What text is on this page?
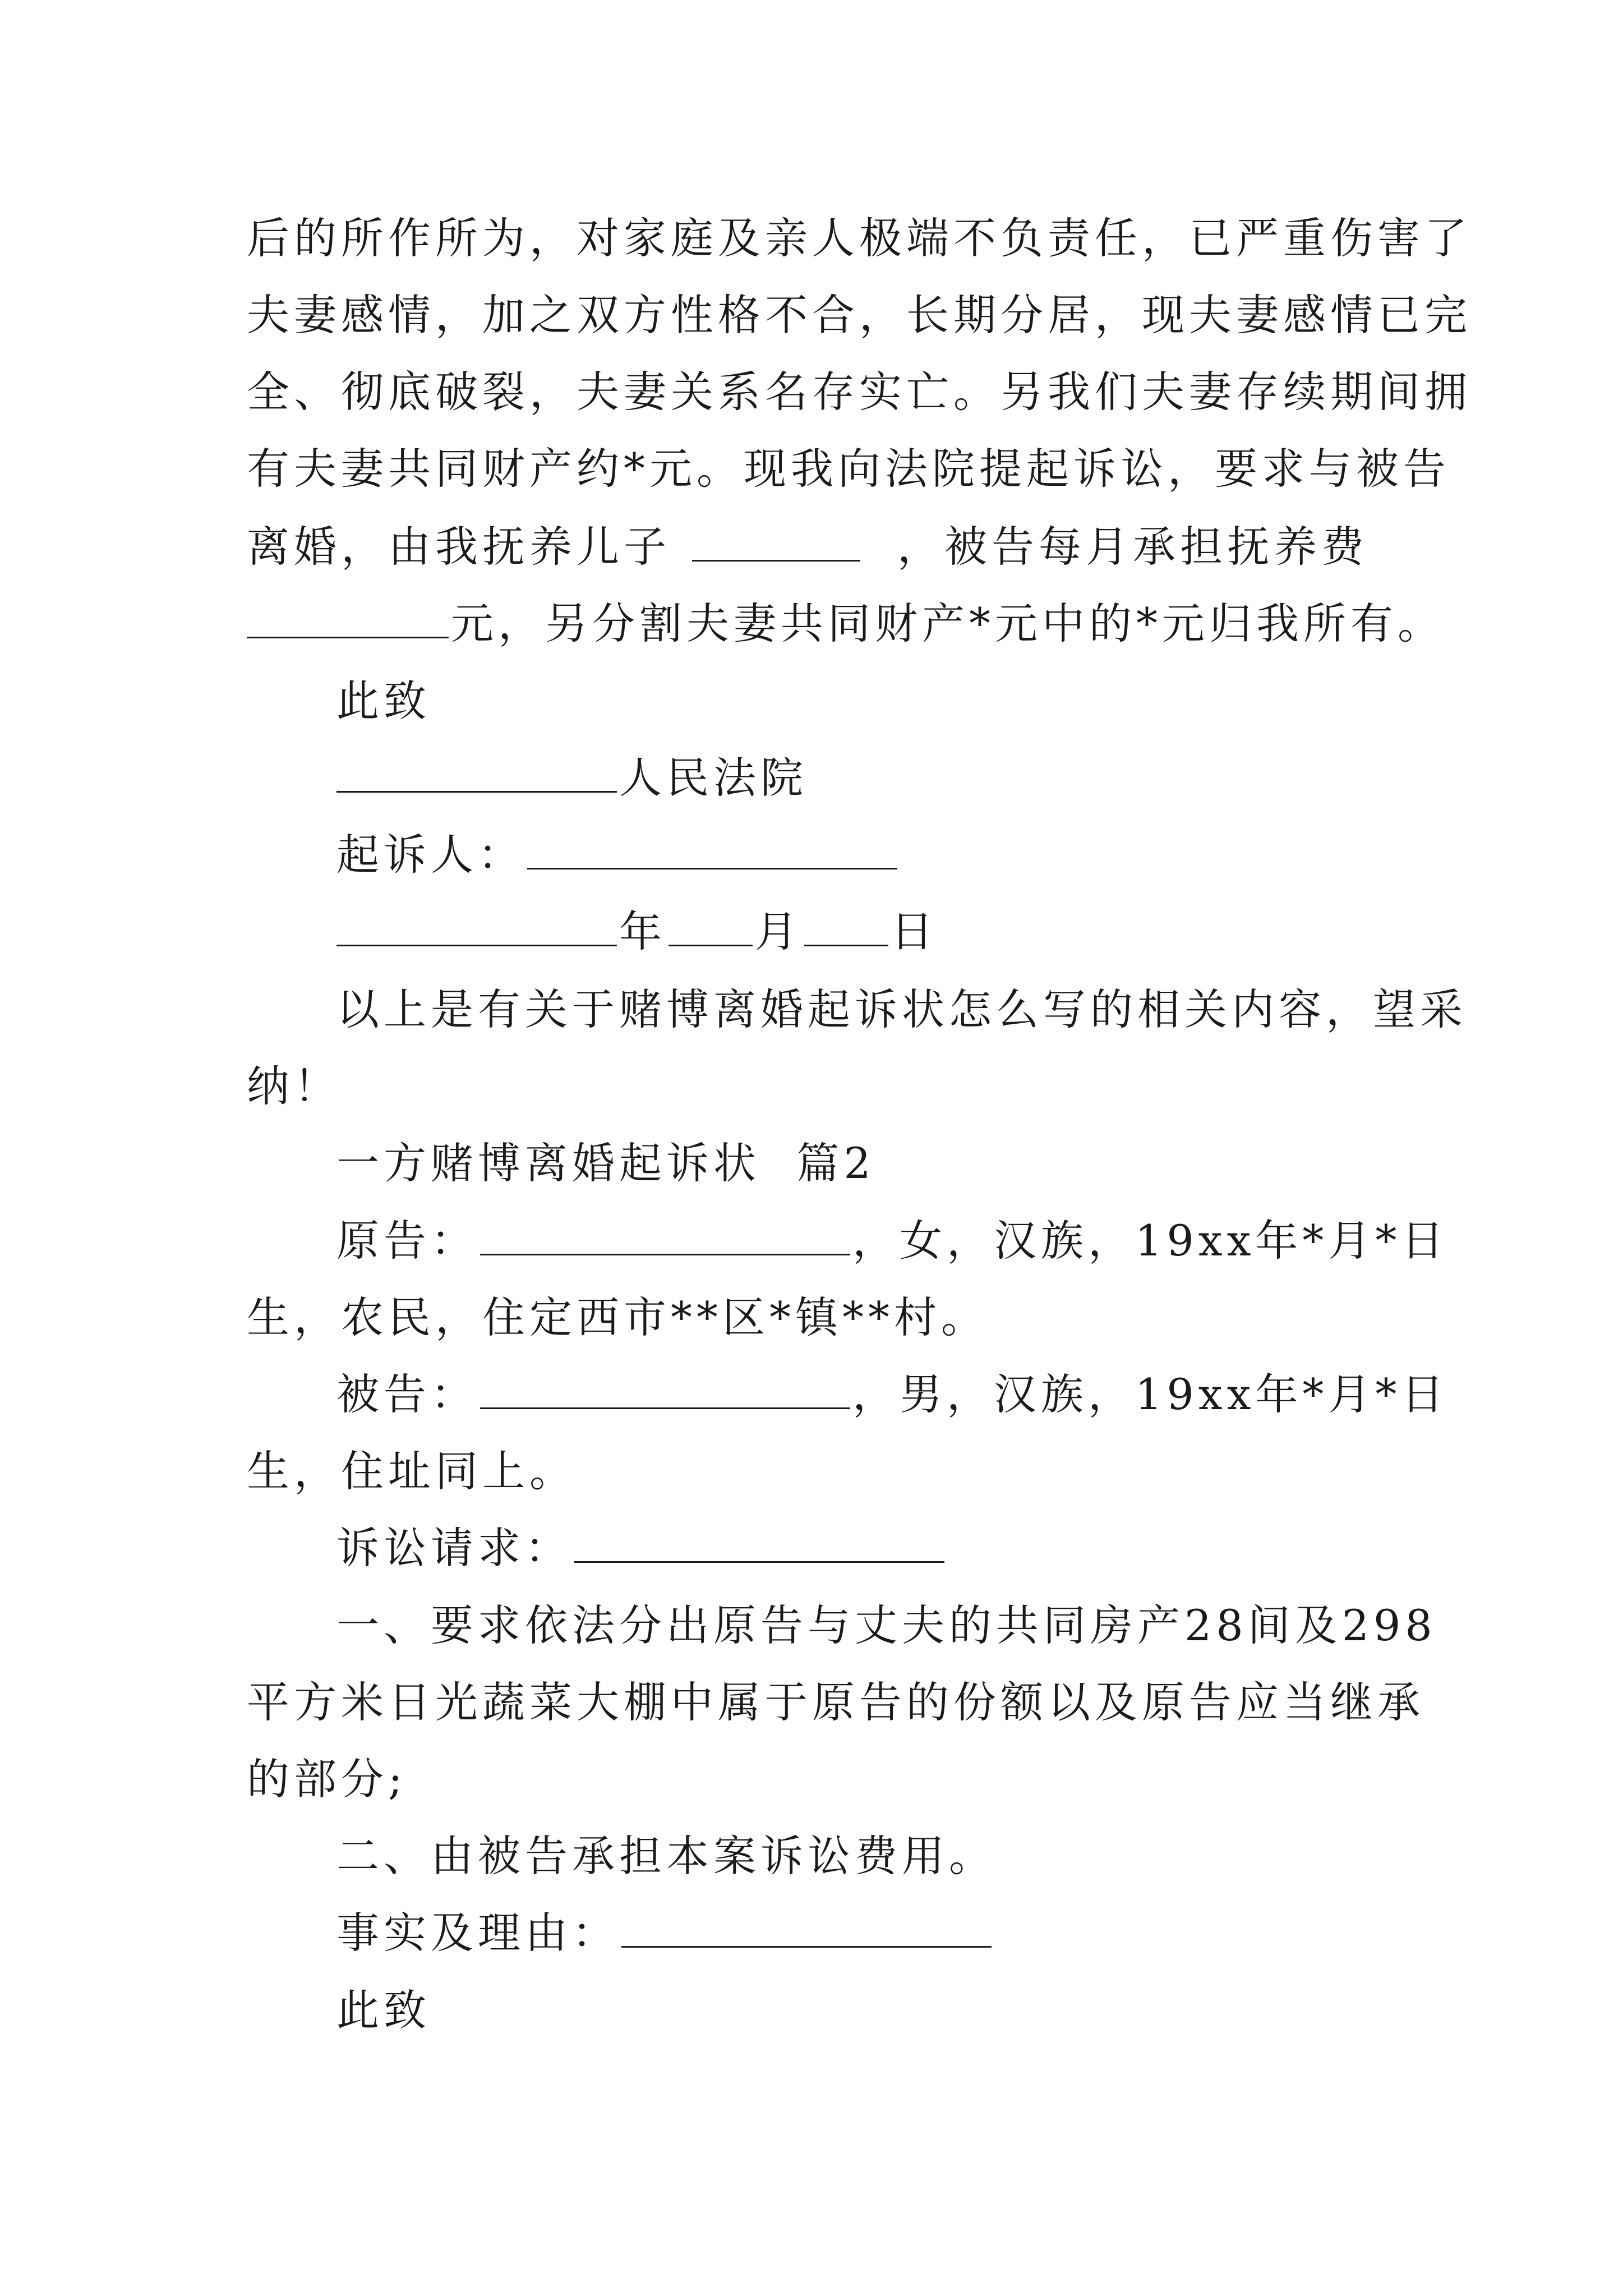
后的所作所为，对家庭及亲人极端不负责任，已严重伤害了
夫妻感情，加之双方性格不合，长期分居，现夫妻感情已完
全、彻底破裂，夫妻关系名存实亡。另我们夫妻存续期间拥
有夫妻共同财产约*元。现我向法院提起诉讼，要求与被告
离婚，由我抚养儿子	，被告每月承担抚养费
元，另分割夫妻共同财产*元中的*元归我所有。
此致
人民法院
起诉人：
年 月 日
以上是有关于赌博离婚起诉状怎么写的相关内容，望采
纳！
一方赌博离婚起诉状  篇2
原告：	，女，汉族，19xx年*月*日
生，农民，住定西市**区*镇**村。
被告：	，男，汉族，19xx年*月*日
生，住址同上。
诉讼请求：
一、要求依法分出原告与丈夫的共同房产28间及298
平方米日光蔬菜大棚中属于原告的份额以及原告应当继承
的部分;
二、由被告承担本案诉讼费用。
事实及理由：
此致
